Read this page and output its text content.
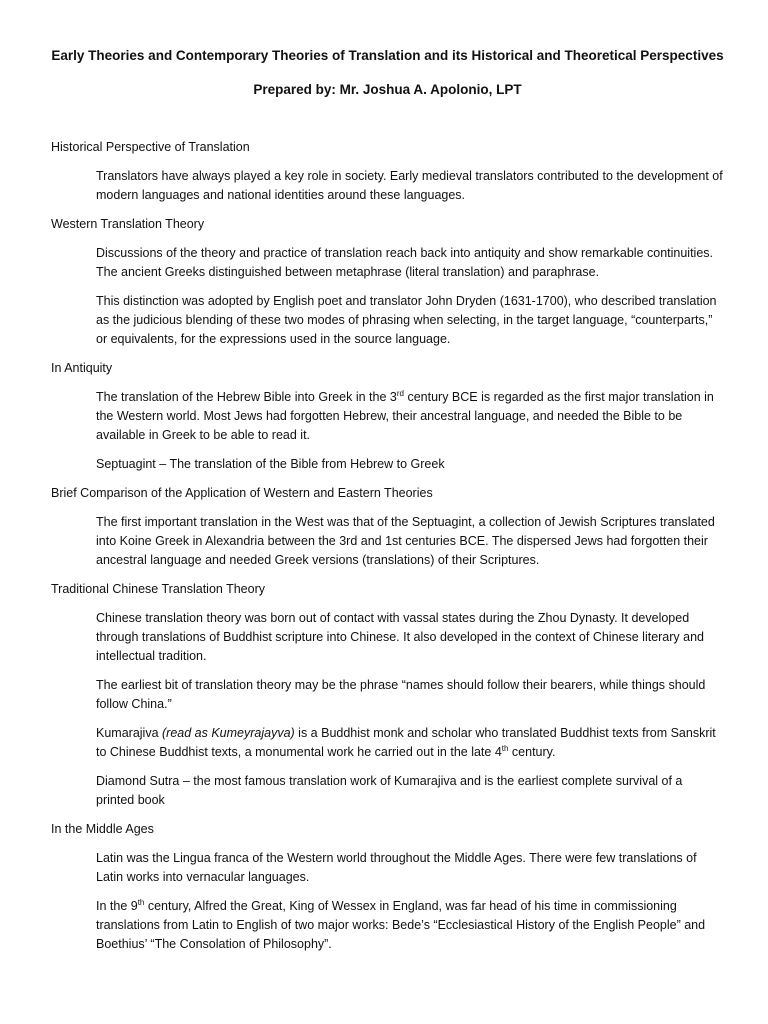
Early Theories and Contemporary Theories of Translation and its Historical and Theoretical Perspectives

Prepared by: Mr. Joshua A. Apolonio, LPT

Historical Perspective of Translation

Translators have always played a key role in society. Early medieval translators contributed to the development of modern languages and national identities around these languages.

Western Translation Theory

Discussions of the theory and practice of translation reach back into antiquity and show remarkable continuities. The ancient Greeks distinguished between metaphrase (literal translation) and paraphrase.

This distinction was adopted by English poet and translator John Dryden (1631-1700), who described translation as the judicious blending of these two modes of phrasing when selecting, in the target language, “counterparts,” or equivalents, for the expressions used in the source language.

In Antiquity

The translation of the Hebrew Bible into Greek in the 3rd century BCE is regarded as the first major translation in the Western world. Most Jews had forgotten Hebrew, their ancestral language, and needed the Bible to be available in Greek to be able to read it.

Septuagint – The translation of the Bible from Hebrew to Greek

Brief Comparison of the Application of Western and Eastern Theories

The first important translation in the West was that of the Septuagint, a collection of Jewish Scriptures translated into Koine Greek in Alexandria between the 3rd and 1st centuries BCE. The dispersed Jews had forgotten their ancestral language and needed Greek versions (translations) of their Scriptures.

Traditional Chinese Translation Theory

Chinese translation theory was born out of contact with vassal states during the Zhou Dynasty. It developed through translations of Buddhist scripture into Chinese. It also developed in the context of Chinese literary and intellectual tradition.

The earliest bit of translation theory may be the phrase “names should follow their bearers, while things should follow China.”

Kumarajiva (read as Kumeyrajayva) is a Buddhist monk and scholar who translated Buddhist texts from Sanskrit to Chinese Buddhist texts, a monumental work he carried out in the late 4th century.

Diamond Sutra – the most famous translation work of Kumarajiva and is the earliest complete survival of a printed book

In the Middle Ages

Latin was the Lingua franca of the Western world throughout the Middle Ages. There were few translations of Latin works into vernacular languages.

In the 9th century, Alfred the Great, King of Wessex in England, was far head of his time in commissioning translations from Latin to English of two major works: Bede’s “Ecclesiastical History of the English People” and Boethius’ “The Consolation of Philosophy”.
